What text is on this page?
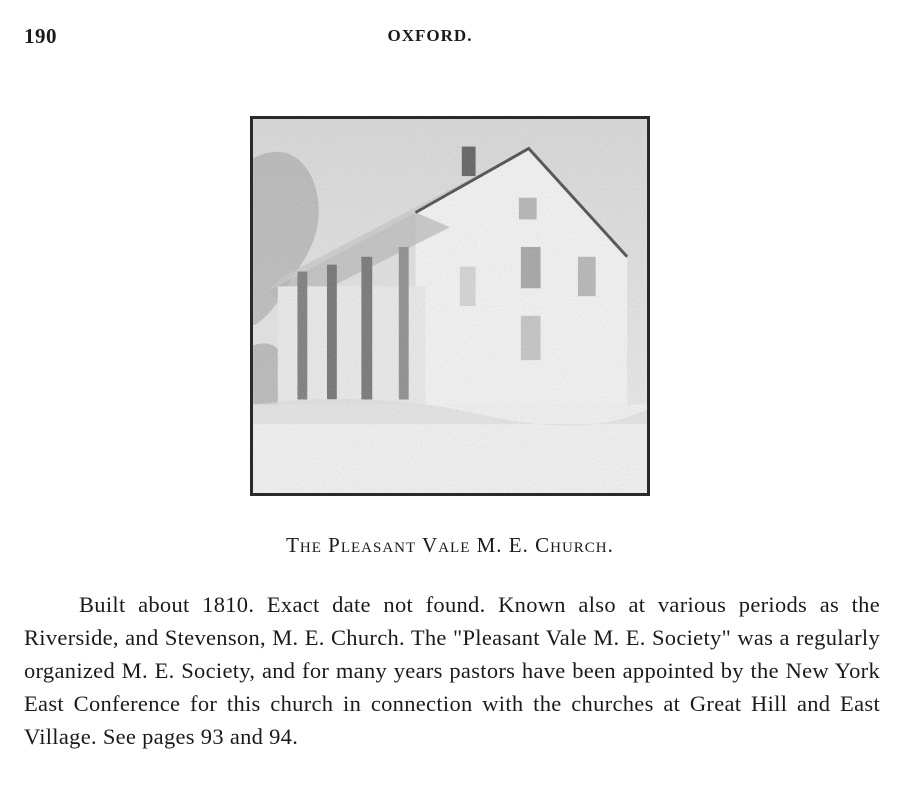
190	OXFORD.
The Pleasant Vale M. E. Church.

Built about 1810. Exact date not found. Known also at various periods as the Riverside, and Stevenson, M. E. Church. The "Pleasant Vale M. E. Society" was a regularly organized M. E. Society, and for many years pastors have been appointed by the New York East Conference for this church in connection with the churches at Great Hill and East Village. See pages 93 and 94.
